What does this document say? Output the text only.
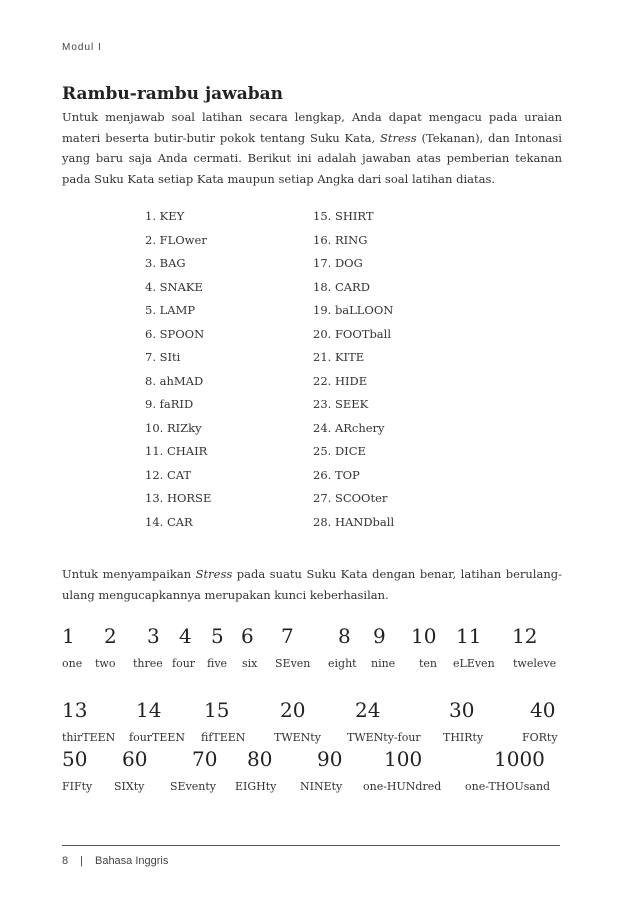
Modul I
Rambu-rambu jawaban
Untuk menjawab soal latihan secara lengkap, Anda dapat mengacu pada uraian materi beserta butir-butir pokok tentang Suku Kata, Stress (Tekanan), dan Intonasi yang baru saja Anda cermati. Berikut ini adalah jawaban atas pemberian tekanan pada Suku Kata setiap Kata maupun setiap Angka dari soal latihan diatas.
1. KEY	15. SHIRT
2. FLOwer	16. RING
3. BAG	17. DOG
4. SNAKE	18. CARD
5. LAMP	19. baLLOON
6. SPOON	20. FOOTball
7. SIti	21. KITE
8. ahMAD	22. HIDE
9. faRID	23. SEEK
10. RIZky	24. ARchery
11. CHAIR	25. DICE
12. CAT	26. TOP
13. HORSE	27. SCOOter
14. CAR	28. HANDball
Untuk menyampaikan Stress pada suatu Suku Kata dengan benar, latihan berulang-ulang mengucapkannya merupakan kunci keberhasilan.
1 2 3 4 5 6 7 8 9 10 11 12
one two three four five six SEven eight nine ten eLEven tweleve
13 14 15	20 24	30	40
thirTEEN fourTEEN fifTEEN	TWENty TWENty-four THIRty	FORty
50 60 70 80 90 100	1000
FIFty SIXty SEventy EIGHty NINEty one-HUNdred one-THOUsand
8 | Bahasa Inggris
